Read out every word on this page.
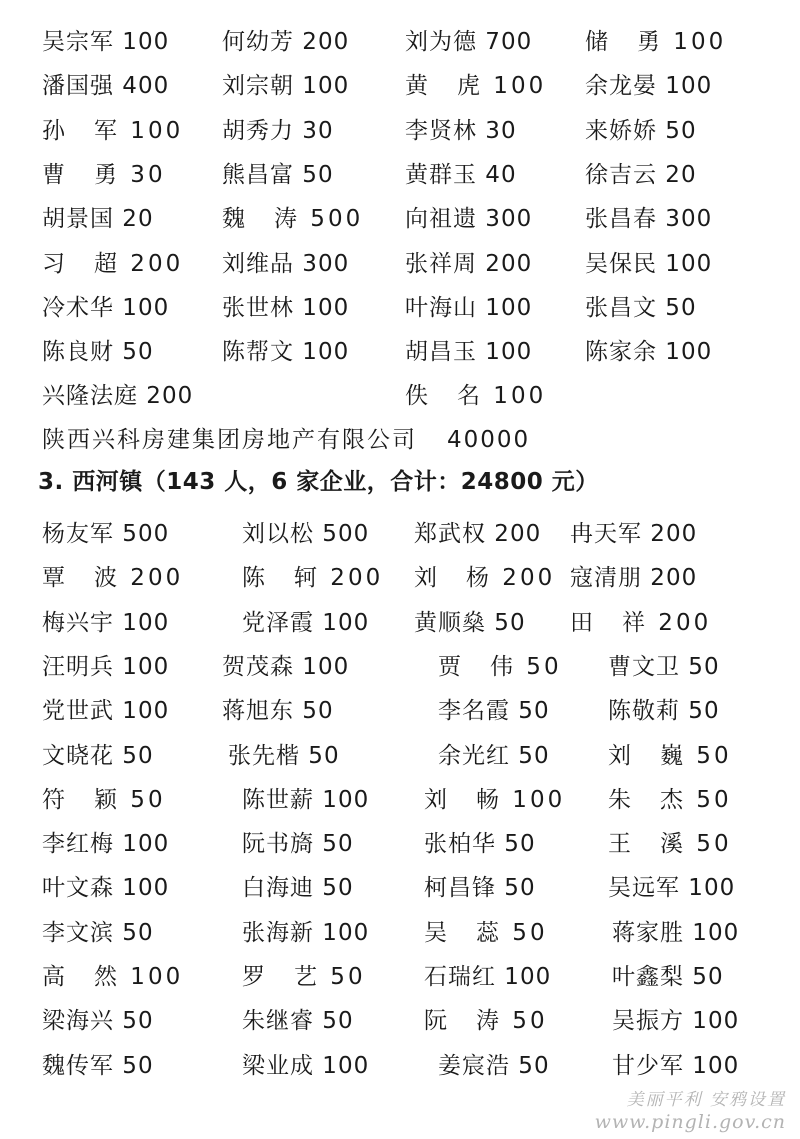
吴宗军 100 何幼芳 200 刘为德 700 储　勇 100
潘国强 400 刘宗朝 100 黄　虎 100 余龙晏 100
孙　军 100 胡秀力 30	李贤林 30	来娇娇 50
曹　勇 30 熊昌富 50	黄群玉 40	徐吉云 20
胡景国 20	魏　涛 500 向祖遗 300 张昌春 300
习　超 200 刘维品 300 张祥周 200 吴保民 100
冷术华 100 张世林 100 叶海山 100 张昌文 50
陈良财 50	陈帮文 100 胡昌玉 100 陈家余 100
兴隆法庭 200	佚　名 100
陕西兴科房建集团房地产有限公司 40000
3. 西河镇（143 人，6 家企业，合计：24800 元）
杨友军 500	刘以松 500 郑武权 200 冉天军 200
覃　波 200	陈　轲 200 刘　杨 200 寇清朋 200
梅兴宇 100	党泽霞 100 黄顺燊 50 田　祥 200
汪明兵 100 贺茂森 100	贾　伟 50 曹文卫 50
党世武 100 蒋旭东 50	李名霞 50	陈敬莉 50
文晓花 50	张先楷 50	余光红 50	刘　巍 50
符　颖 50	陈世薪 100 刘　畅 100 朱　杰 50
李红梅 100	阮书旖 50	张柏华 50	王　溪 50
叶文森 100	白海迪 50	柯昌锋 50	吴远军 100
李文滨 50	张海新 100 吴　蕊 50	蒋家胜 100
高　然 100	罗　艺 50	石瑞红 100	叶鑫梨 50
梁海兴 50	朱继睿 50	阮　涛 50	吴振方 100
魏传军 50	梁业成 100	姜宸浩 50	甘少军 100
美丽平利 安鸦设置
www.pingli.gov.cn
